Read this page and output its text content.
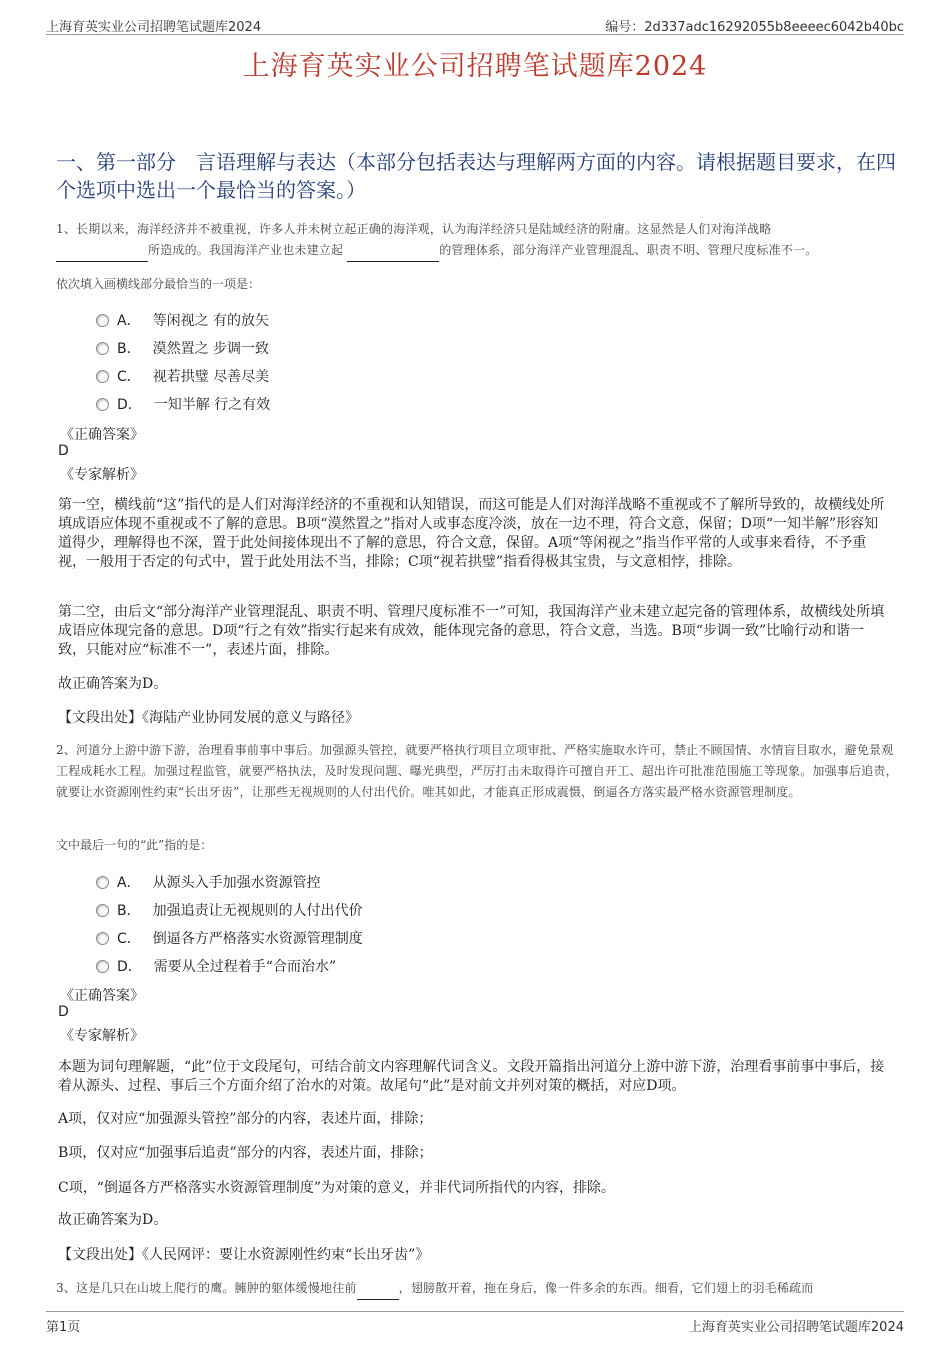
上海育英实业公司招聘笔试题库2024	编号：2d337adc16292055b8eeeec6042b40bc
上海育英实业公司招聘笔试题库2024
一、第一部分　言语理解与表达（本部分包括表达与理解两方面的内容。请根据题目要求，在四个选项中选出一个最恰当的答案。）
1、长期以来，海洋经济并不被重视，许多人并未树立起正确的海洋观，认为海洋经济只是陆域经济的附庸。这显然是人们对海洋战略
所造成的。我国海洋产业也未建立起	的管理体系，部分海洋产业管理混乱、职责不明、管理尺度标准不一。
依次填入画横线部分最恰当的一项是：
A． 等闲视之 有的放矢
B． 漠然置之 步调一致
C． 视若拱璧 尽善尽美
D． 一知半解 行之有效
《正确答案》
D
《专家解析》
第一空，横线前“这”指代的是人们对海洋经济的不重视和认知错误，而这可能是人们对海洋战略不重视或不了解所导致的，故横线处所填成语应体现不重视或不了解的意思。B项“漠然置之”指对人或事态度冷淡，放在一边不理，符合文意，保留；D项“一知半解”形容知道得少，理解得也不深，置于此处间接体现出不了解的意思，符合文意，保留。A项“等闲视之”指当作平常的人或事来看待，不予重视，一般用于否定的句式中，置于此处用法不当，排除；C项“视若拱璧”指看得极其宝贵，与文意相悖，排除。
第二空，由后文“部分海洋产业管理混乱、职责不明、管理尺度标准不一”可知，我国海洋产业未建立起完备的管理体系，故横线处所填成语应体现完备的意思。D项“行之有效”指实行起来有成效，能体现完备的意思，符合文意，当选。B项“步调一致”比喻行动和谐一致，只能对应“标准不一”，表述片面，排除。
故正确答案为D。
【文段出处】《海陆产业协同发展的意义与路径》
2、河道分上游中游下游，治理看事前事中事后。加强源头管控，就要严格执行项目立项审批、严格实施取水许可，禁止不顾国情、水情盲目取水，避免景观工程成耗水工程。加强过程监管，就要严格执法，及时发现问题、曝光典型，严厉打击未取得许可擅自开工、超出许可批准范围施工等现象。加强事后追责，就要让水资源刚性约束“长出牙齿”，让那些无视规则的人付出代价。唯其如此，才能真正形成震慑，倒逼各方落实最严格水资源管理制度。
文中最后一句的“此”指的是：
A． 从源头入手加强水资源管控
B． 加强追责让无视规则的人付出代价
C． 倒逼各方严格落实水资源管理制度
D． 需要从全过程着手“合而治水”
《正确答案》
D
《专家解析》
本题为词句理解题，“此”位于文段尾句，可结合前文内容理解代词含义。文段开篇指出河道分上游中游下游，治理看事前事中事后，接着从源头、过程、事后三个方面介绍了治水的对策。故尾句“此”是对前文并列对策的概括，对应D项。
A项，仅对应“加强源头管控”部分的内容，表述片面，排除；
B项，仅对应“加强事后追责”部分的内容，表述片面，排除；
C项，“倒逼各方严格落实水资源管理制度”为对策的意义，并非代词所指代的内容，排除。
故正确答案为D。
【文段出处】《人民网评：要让水资源刚性约束“长出牙齿”》
3、这是几只在山坡上爬行的鹰。臃肿的躯体缓慢地往前	，翅膀散开着，拖在身后，像一件多余的东西。细看，它们翅上的羽毛稀疏而
第1页	上海育英实业公司招聘笔试题库2024
